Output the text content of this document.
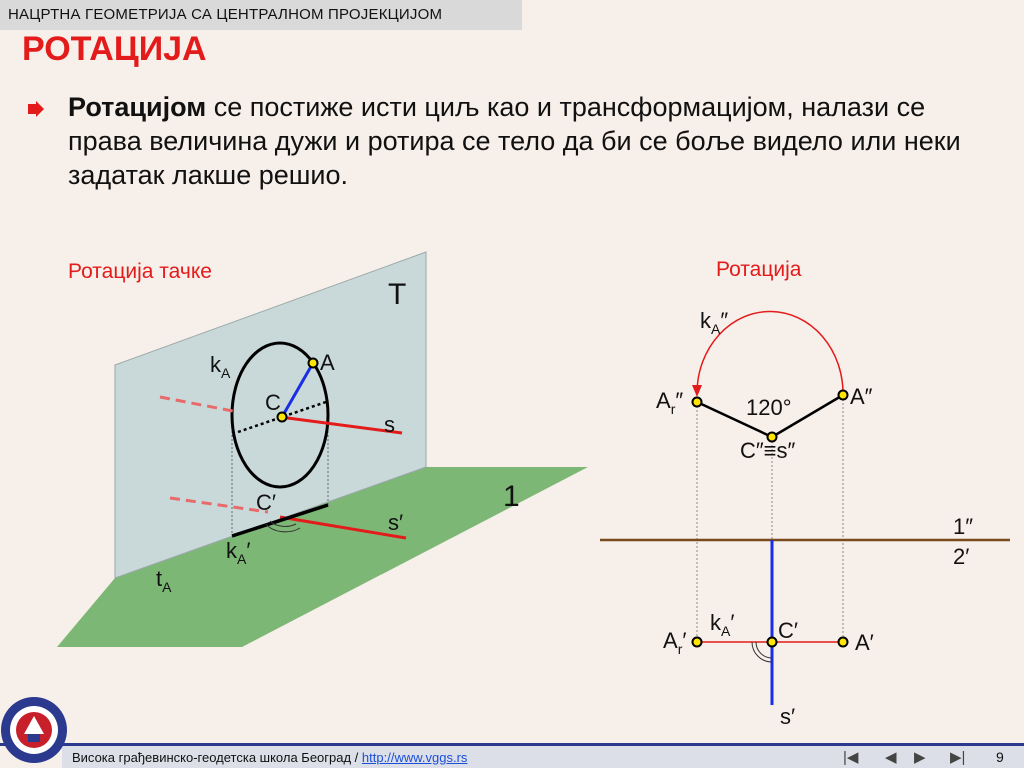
НАЦРТНА ГЕОМЕТРИЈА СА ЦЕНТРАЛНОМ ПРОЈЕКЦИЈОМ
РОТАЦИЈА
Ротацијом се постиже исти циљ као и трансформацијом, налази се права величина дужи и ротира се тело да би се боље видело или неки задатак лакше решио.
Ротација тачке
T
1
$k_A$	A
C
s
C′
s′
$k_A'$
$t_A$
Ротација
$k_A''$
$A_r''$	A″
120°
C″≡s″
1″
2′
$A_r'$
$k_A'$ C′	A′
s′
Висока грађевинско-геодетска школа Београд / http://www.vggs.rs	|◀ ◀ ▶ ▶| 9
